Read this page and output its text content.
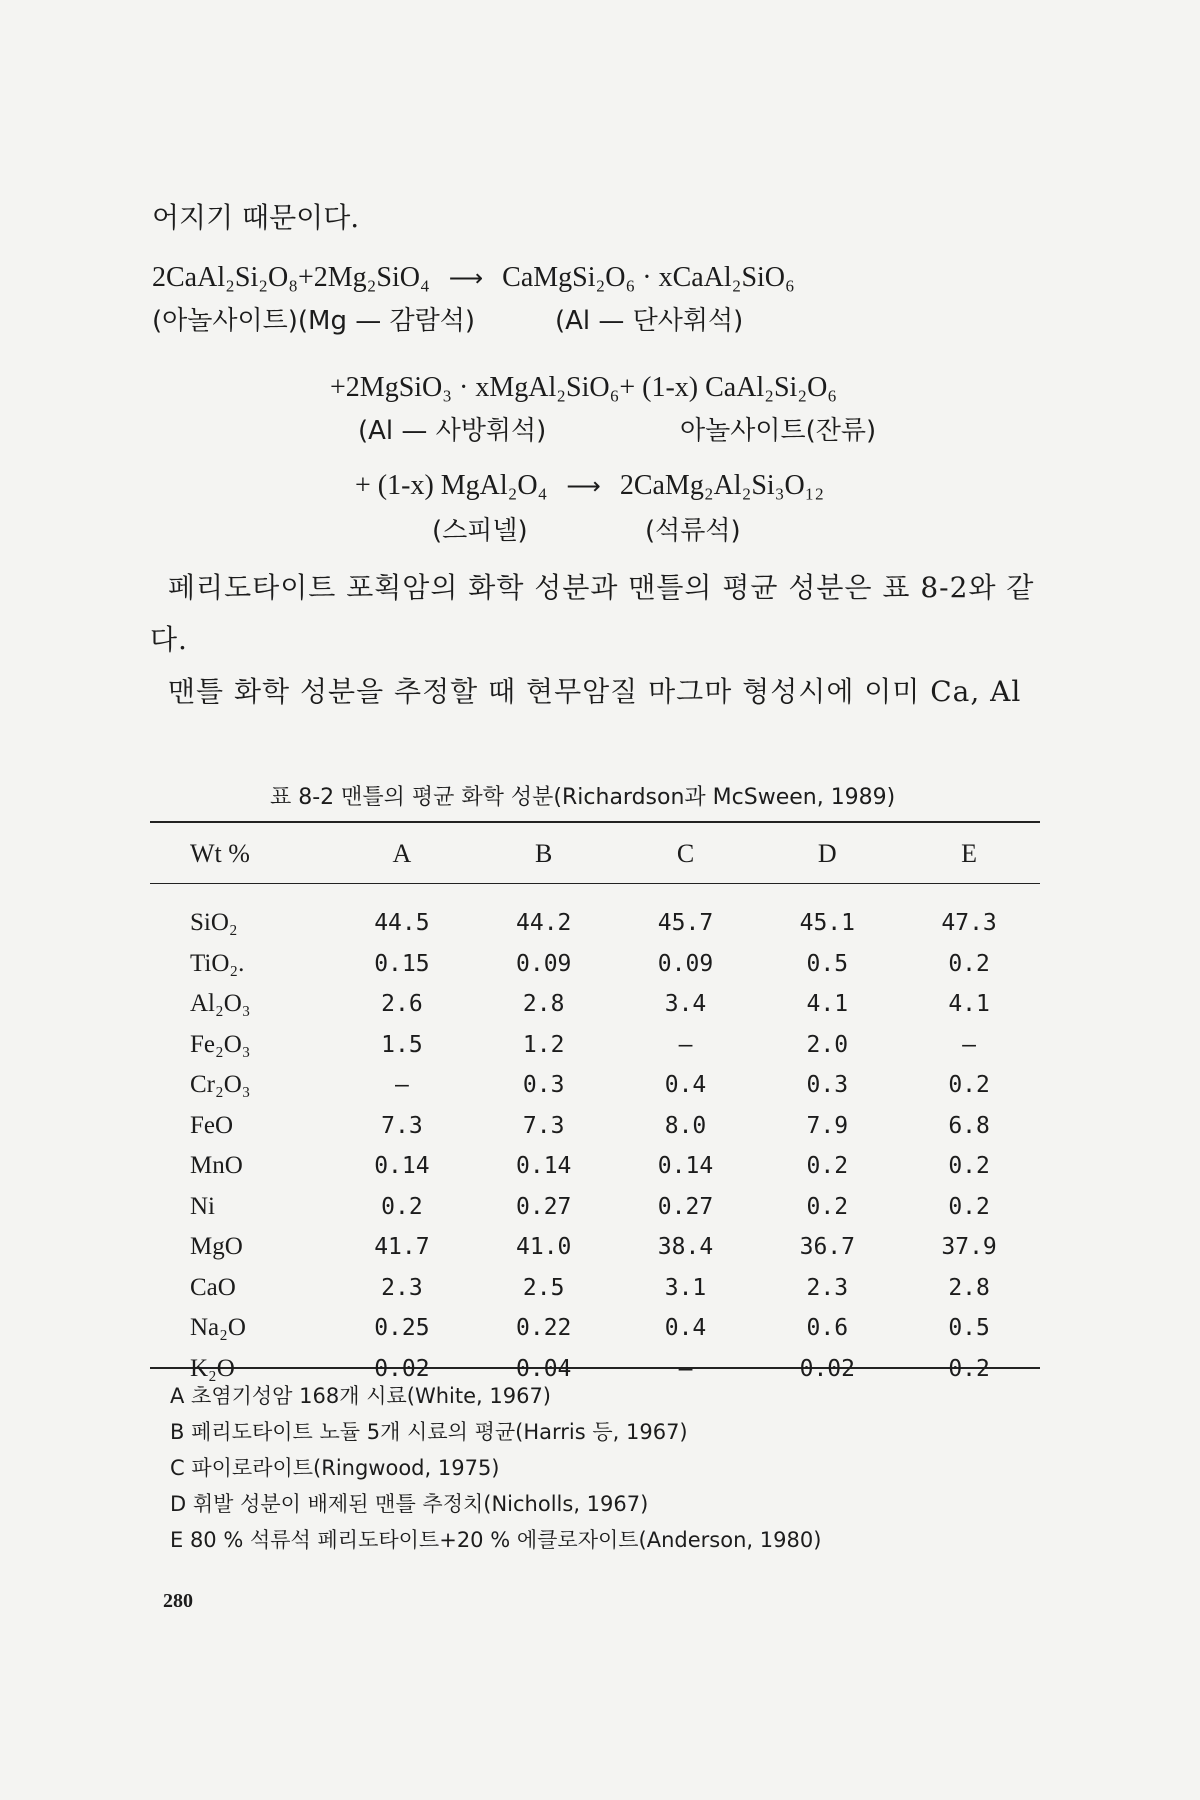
어지기 때문이다.
2CaAl₂Si₂O₈+2Mg₂SiO₄ ⟶ CaMgSi₂O₆ · xCaAl₂SiO₆
(아놀사이트)(Mg — 감람석)	(Al — 단사휘석)
+2MgSiO₃ · xMgAl₂SiO₆+ (1-x) CaAl₂Si₂O₆
(Al — 사방휘석)	아놀사이트(잔류)
+ (1-x) MgAl₂O₄ ⟶ 2CaMg₂Al₂Si₃O₁₂
(스피넬)	(석류석)
페리도타이트 포획암의 화학 성분과 맨틀의 평균 성분은 표 8-2와 같다.
맨틀 화학 성분을 추정할 때 현무암질 마그마 형성시에 이미 Ca, Al
표 8-2 맨틀의 평균 화학 성분(Richardson과 McSween, 1989)
Wt %	A	B	C	D	E
SiO₂	44.5	44.2	45.7	45.1	47.3
TiO₂.	0.15	0.09	0.09	0.5	0.2
Al₂O₃	2.6	2.8	3.4	4.1	4.1
Fe₂O₃	1.5	1.2	—	2.0	—
Cr₂O₃	—	0.3	0.4	0.3	0.2
FeO	7.3	7.3	8.0	7.9	6.8
MnO	0.14	0.14	0.14	0.2	0.2
Ni	0.2	0.27	0.27	0.2	0.2
MgO	41.7	41.0	38.4	36.7	37.9
CaO	2.3	2.5	3.1	2.3	2.8
Na₂O	0.25	0.22	0.4	0.6	0.5
K₂O	0.02	0.04	—	0.02	0.2
A 초염기성암 168개 시료(White, 1967)
B 페리도타이트 노듈 5개 시료의 평균(Harris 등, 1967)
C 파이로라이트(Ringwood, 1975)
D 휘발 성분이 배제된 맨틀 추정치(Nicholls, 1967)
E 80 % 석류석 페리도타이트+20 % 에클로자이트(Anderson, 1980)
280
